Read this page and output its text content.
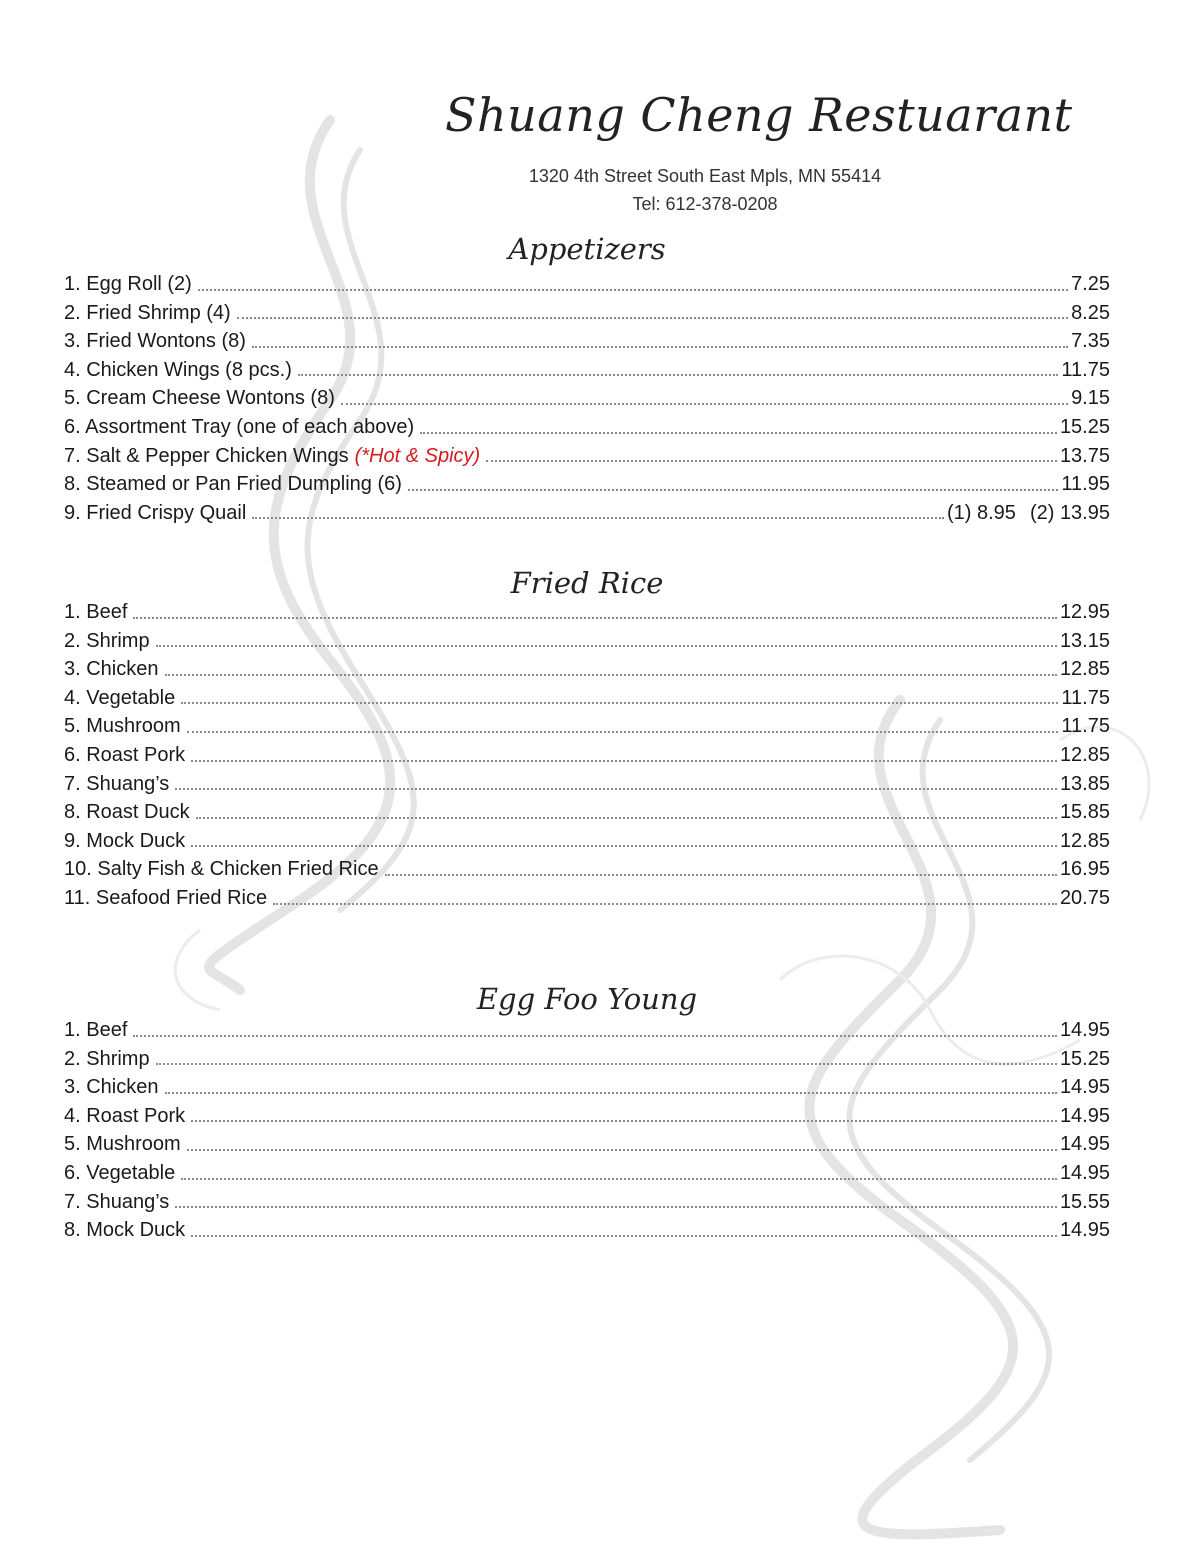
Shuang Cheng Restuarant
1320 4th Street South East Mpls, MN 55414
Tel: 612-378-0208
Appetizers
1. Egg Roll (2)	7.25
2. Fried Shrimp (4)	8.25
3. Fried Wontons (8)	7.35
4. Chicken Wings (8 pcs.)	11.75
5. Cream Cheese Wontons (8)	9.15
6. Assortment Tray (one of each above)	15.25
7. Salt & Pepper Chicken Wings (*Hot & Spicy)	13.75
8. Steamed or Pan Fried Dumpling (6)	11.95
9. Fried Crispy Quail	(1) 8.95 (2) 13.95
Fried Rice
1. Beef	12.95
2. Shrimp	13.15
3. Chicken	12.85
4. Vegetable	11.75
5. Mushroom	11.75
6. Roast Pork	12.85
7. Shuang’s	13.85
8. Roast Duck	15.85
9. Mock Duck	12.85
10. Salty Fish & Chicken Fried Rice	16.95
11. Seafood Fried Rice	20.75
Egg Foo Young
1. Beef	14.95
2. Shrimp	15.25
3. Chicken	14.95
4. Roast Pork	14.95
5. Mushroom	14.95
6. Vegetable	14.95
7. Shuang’s	15.55
8. Mock Duck	14.95
